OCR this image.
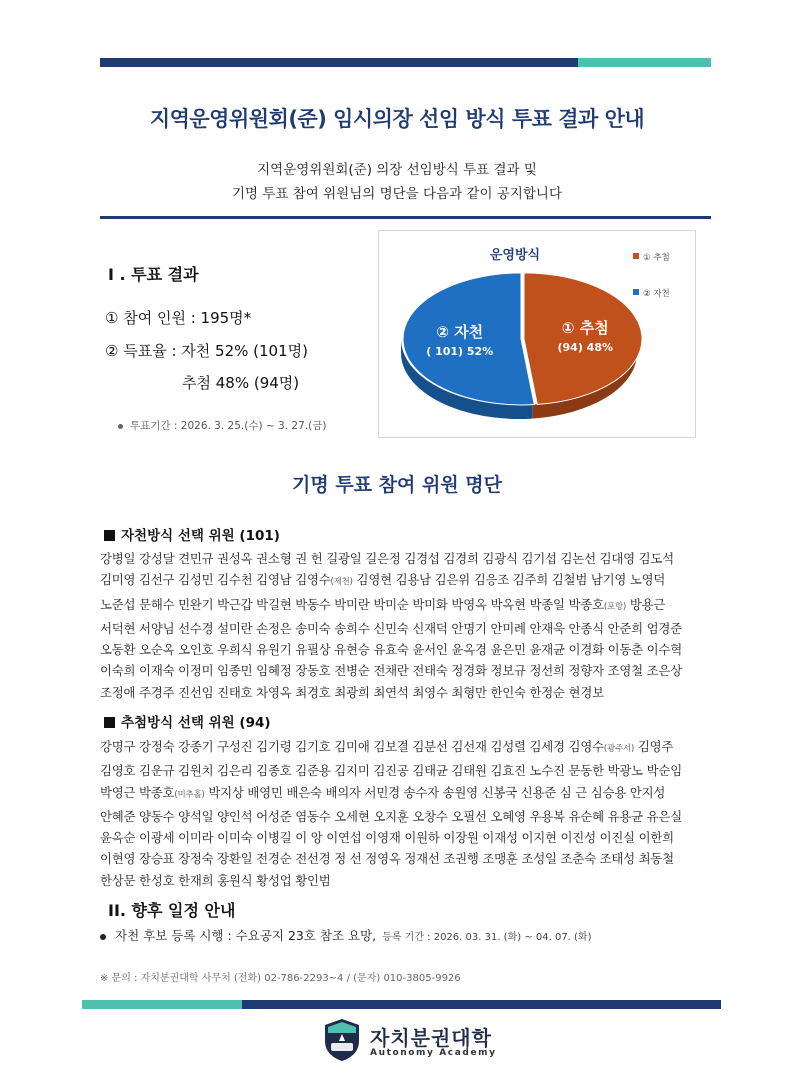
지역운영위원회(준) 임시의장 선임 방식 투표 결과 안내
지역운영위원회(준) 의장 선임방식 투표 결과 및
기명 투표 참여 위원님의 명단을 다음과 같이 공지합니다
I . 투표 결과
① 참여 인원 : 195명*
② 득표율 : 자천 52% (101명)
추첨 48% (94명)
투표기간 : 2026. 3. 25.(수) ~ 3. 27.(금)
① 추첨
(94) 48%
② 자천
( 101) 52%
운영방식	① 추첨
② 자천
기명 투표 참여 위원 명단
자천방식 선택 위원 (101)
강병일 강성달 견민규 권성옥 권소형 권 헌 길광일 길은정 김경섭 김경희 김광식 김기섭 김논선 김대영 김도석
김미영 김선구 김성민 김수천 김영남 김영수(제천) 김영현 김용남 김은위 김응조 김주희 김철범 남기영 노영덕
노준섭 문해수 민완기 박근갑 박길현 박동수 박미란 박미순 박미화 박영옥 박옥현 박종일 박종호(포항) 방용근
서덕현 서양님 선수경 설미란 손정은 송미숙 송희수 신민숙 신재덕 안명기 안미례 안재욱 안종식 안준희 엄경준
오동환 오순옥 오인호 우희식 유원기 유필상 유현승 유효숙 윤서인 윤옥경 윤은민 윤재균 이경화 이동춘 이수혁
이숙희 이재숙 이정미 임종민 임혜정 장동호 전병순 전채란 전태숙 정경화 정보규 정선희 정향자 조영철 조은상
조정애 주경주 진선임 진태호 차영옥 최경호 최광희 최연석 최영수 최형만 한인숙 한정순 현경보
추첨방식 선택 위원 (94)
강명구 강정숙 강종기 구성진 김기령 김기호 김미애 김보결 김분선 김선재 김성렬 김세경 김영수(광주서) 김영주
김영호 김운규 김원치 김은리 김종호 김준용 김지미 김진공 김태균 김태원 김효진 노수진 문동한 박광노 박순임
박영근 박종호(미추홀) 박지상 배영민 배은숙 배의자 서민경 송수자 송원영 신봉국 신용준 심 근 심승용 안지성
안혜준 양동수 양석일 양인석 어성준 염동수 오세현 오지훈 오창수 오필선 오혜영 우용복 유순혜 유용균 유은실
윤옥순 이광세 이미라 이미숙 이병길 이 앙 이연섭 이영재 이원하 이장원 이재성 이지현 이진성 이진실 이한희
이현영 장승표 장정숙 장환일 전경순 전선경 정 선 정영옥 정재선 조권행 조맹훈 조성일 조춘숙 조태성 최동철
한상문 한성호 한재희 홍원식 황성업 황인범
II. 향후 일정 안내
자천 후보 등록 시행 : 수요공지 23호 참조 요망, 등록 기간 : 2026. 03. 31. (화) ~ 04. 07. (화)
※ 문의 : 자치분권대학 사무처 (전화) 02-786-2293~4 / (문자) 010-3805-9926
자치분권대학
Autonomy Academy
